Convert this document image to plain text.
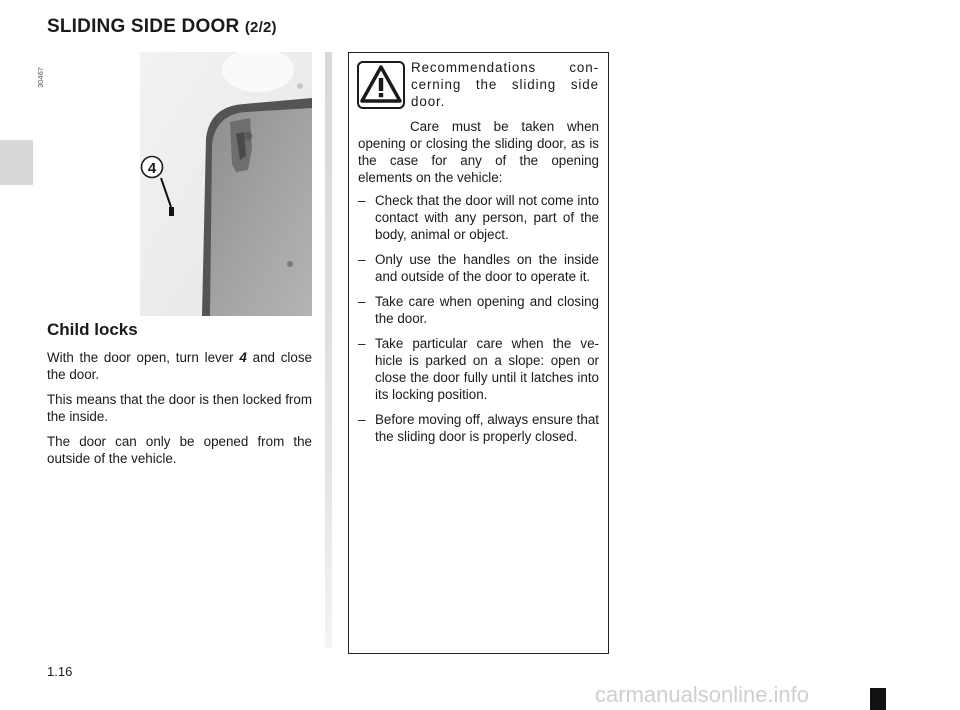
SLIDING SIDE DOOR (2/2)
30467
4
Child locks

With the door open, turn lever 4 and close the door.

This means that the door is then locked from the inside.

The door can only be opened from the outside of the vehicle.

Recommendations con-cerning the sliding side door.

Care must be taken when opening or closing the sliding door, as is the case for any of the opening elements on the vehicle:

– Check that the door will not come into contact with any person, part of the body, animal or object.
– Only use the handles on the inside and outside of the door to operate it.
– Take care when opening and closing the door.
– Take particular care when the ve-hicle is parked on a slope: open or close the door fully until it latches into its locking position.
– Before moving off, always ensure that the sliding door is properly closed.
1.16
carmanualsonline.info
